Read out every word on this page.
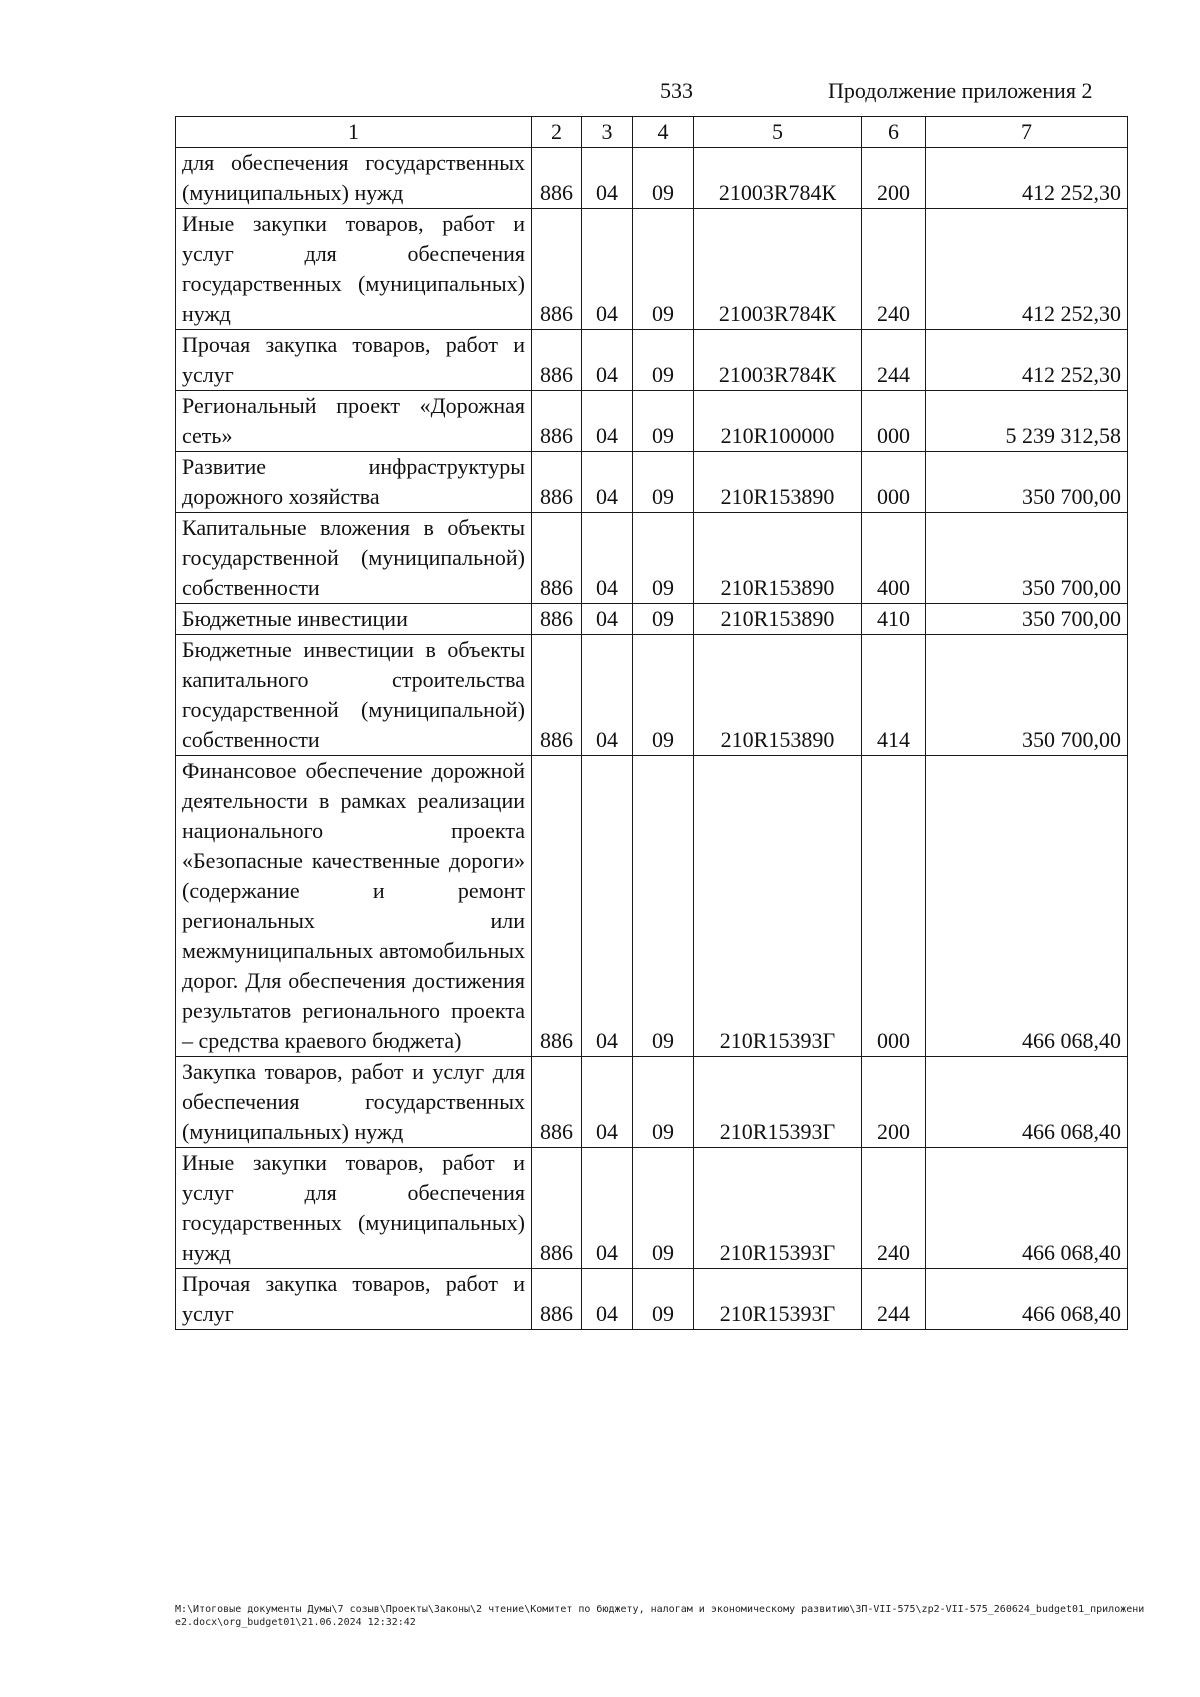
533	Продолжение приложения 2
1	2	3	4	5	6	7
для обеспечения государственных (муниципальных) нужд	886	04	09	21003R784К	200	412 252,30
Иные закупки товаров, работ и услуг для обеспечения государственных (муниципальных) нужд	886	04	09	21003R784К	240	412 252,30
Прочая закупка товаров, работ и услуг	886	04	09	21003R784К	244	412 252,30
Региональный проект «Дорожная сеть»	886	04	09	210R100000	000	5 239 312,58
Развитие инфраструктуры дорожного хозяйства	886	04	09	210R153890	000	350 700,00
Капитальные вложения в объекты государственной (муниципальной) собственности	886	04	09	210R153890	400	350 700,00
Бюджетные инвестиции	886	04	09	210R153890	410	350 700,00
Бюджетные инвестиции в объекты капитального строительства государственной (муниципальной) собственности	886	04	09	210R153890	414	350 700,00
Финансовое обеспечение дорожной деятельности в рамках реализации национального проекта «Безопасные качественные дороги» (содержание и ремонт региональных или межмуниципальных автомобильных дорог. Для обеспечения достижения результатов регионального проекта – средства краевого бюджета)	886	04	09	210R15393Г	000	466 068,40
Закупка товаров, работ и услуг для обеспечения государственных (муниципальных) нужд	886	04	09	210R15393Г	200	466 068,40
Иные закупки товаров, работ и услуг для обеспечения государственных (муниципальных) нужд	886	04	09	210R15393Г	240	466 068,40
Прочая закупка товаров, работ и услуг	886	04	09	210R15393Г	244	466 068,40
M:\Итоговые документы Думы\7 созыв\Проекты\Законы\2 чтение\Комитет по бюджету, налогам и экономическому развитию\ЗП-VII-575\zp2-VII-575_260624_budget01_приложение2.docx\org_budget01\21.06.2024 12:32:42
